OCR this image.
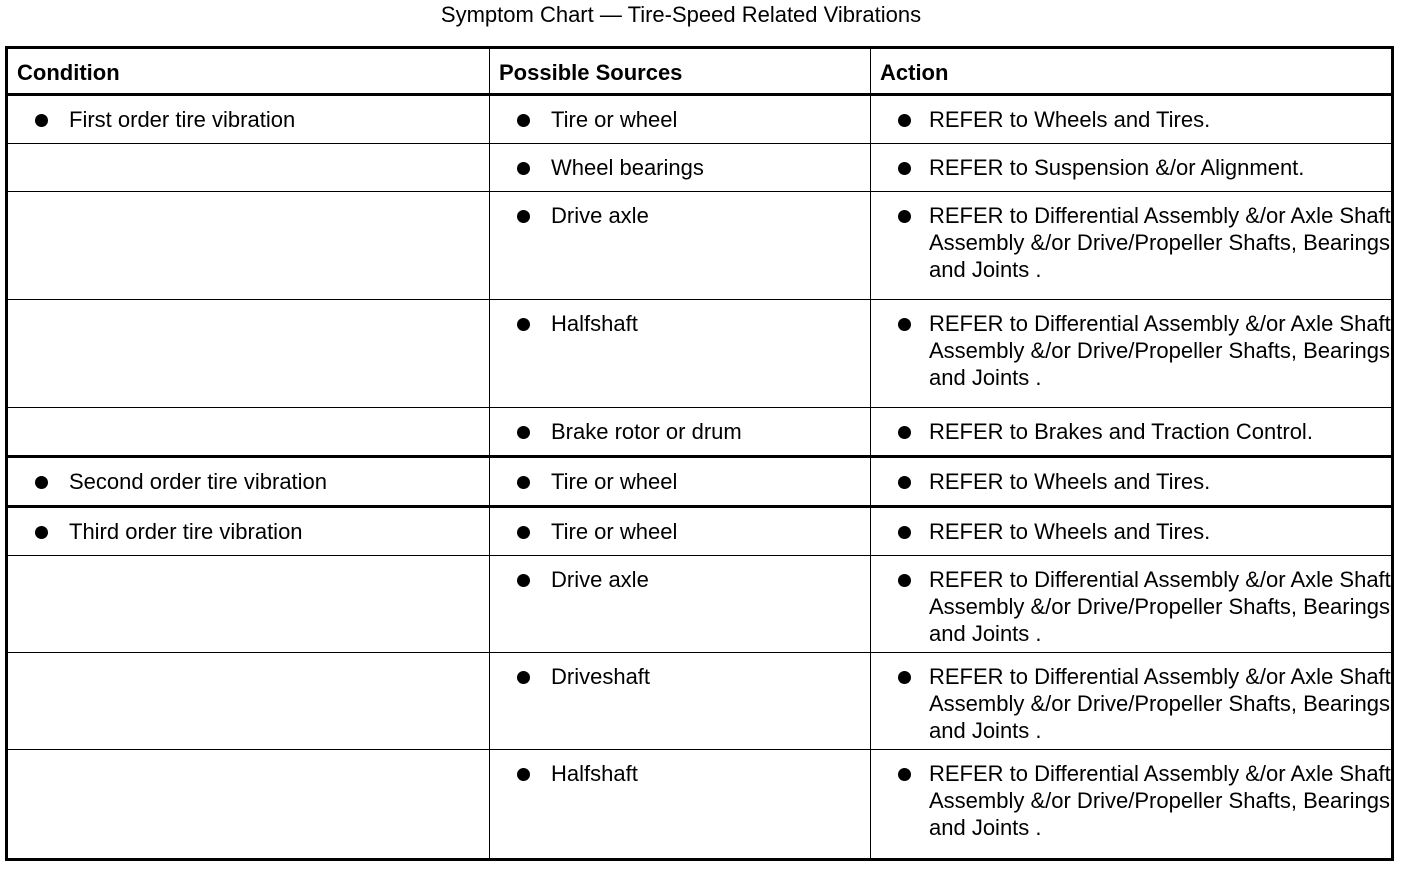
Symptom Chart — Tire-Speed Related Vibrations
Condition	Possible Sources	Action

First order tire vibration	Tire or wheel	REFER to Wheels and Tires.

	Wheel bearings	REFER to Suspension &/or Alignment.

	Drive axle	REFER to Differential Assembly &/or Axle Shaft Assembly &/or Drive/Propeller Shafts, Bearings and Joints .

	Halfshaft	REFER to Differential Assembly &/or Axle Shaft Assembly &/or Drive/Propeller Shafts, Bearings and Joints .

	Brake rotor or drum	REFER to Brakes and Traction Control.

Second order tire vibration	Tire or wheel	REFER to Wheels and Tires.

Third order tire vibration	Tire or wheel	REFER to Wheels and Tires.

	Drive axle	REFER to Differential Assembly &/or Axle Shaft Assembly &/or Drive/Propeller Shafts, Bearings and Joints .

	Driveshaft	REFER to Differential Assembly &/or Axle Shaft Assembly &/or Drive/Propeller Shafts, Bearings and Joints .

	Halfshaft	REFER to Differential Assembly &/or Axle Shaft Assembly &/or Drive/Propeller Shafts, Bearings and Joints .
